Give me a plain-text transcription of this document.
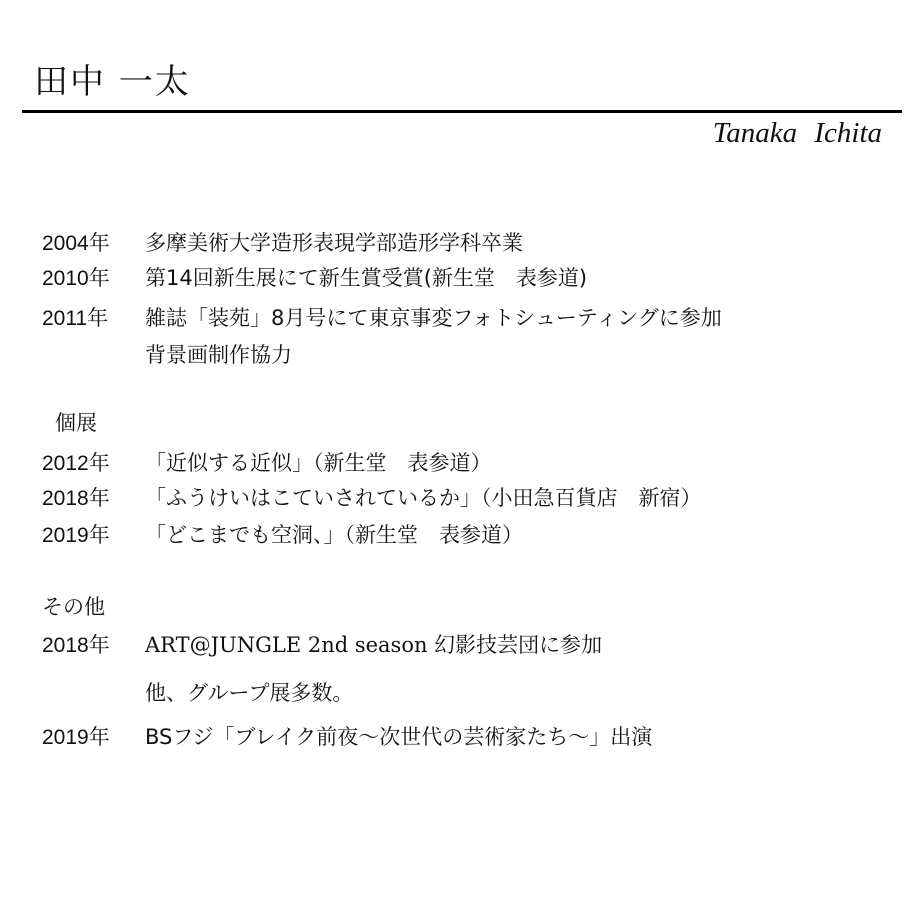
田中 一太
Tanaka Ichita
2004年 多摩美術大学造形表現学部造形学科卒業
2010年 第14回新生展にて新生賞受賞(新生堂　表参道)
2011年 雑誌「装苑」8月号にて東京事変フォトシューティングに参加
背景画制作協力
個展
2012年 「近似する近似」（新生堂　表参道）
2018年 「ふうけいはこていされているか」（小田急百貨店　新宿）
2019年 「どこまでも空洞、」（新生堂　表参道）
その他
2018年 ART@JUNGLE 2nd season 幻影技芸団に参加
他、グループ展多数。
2019年 BSフジ「ブレイク前夜～次世代の芸術家たち～」出演
